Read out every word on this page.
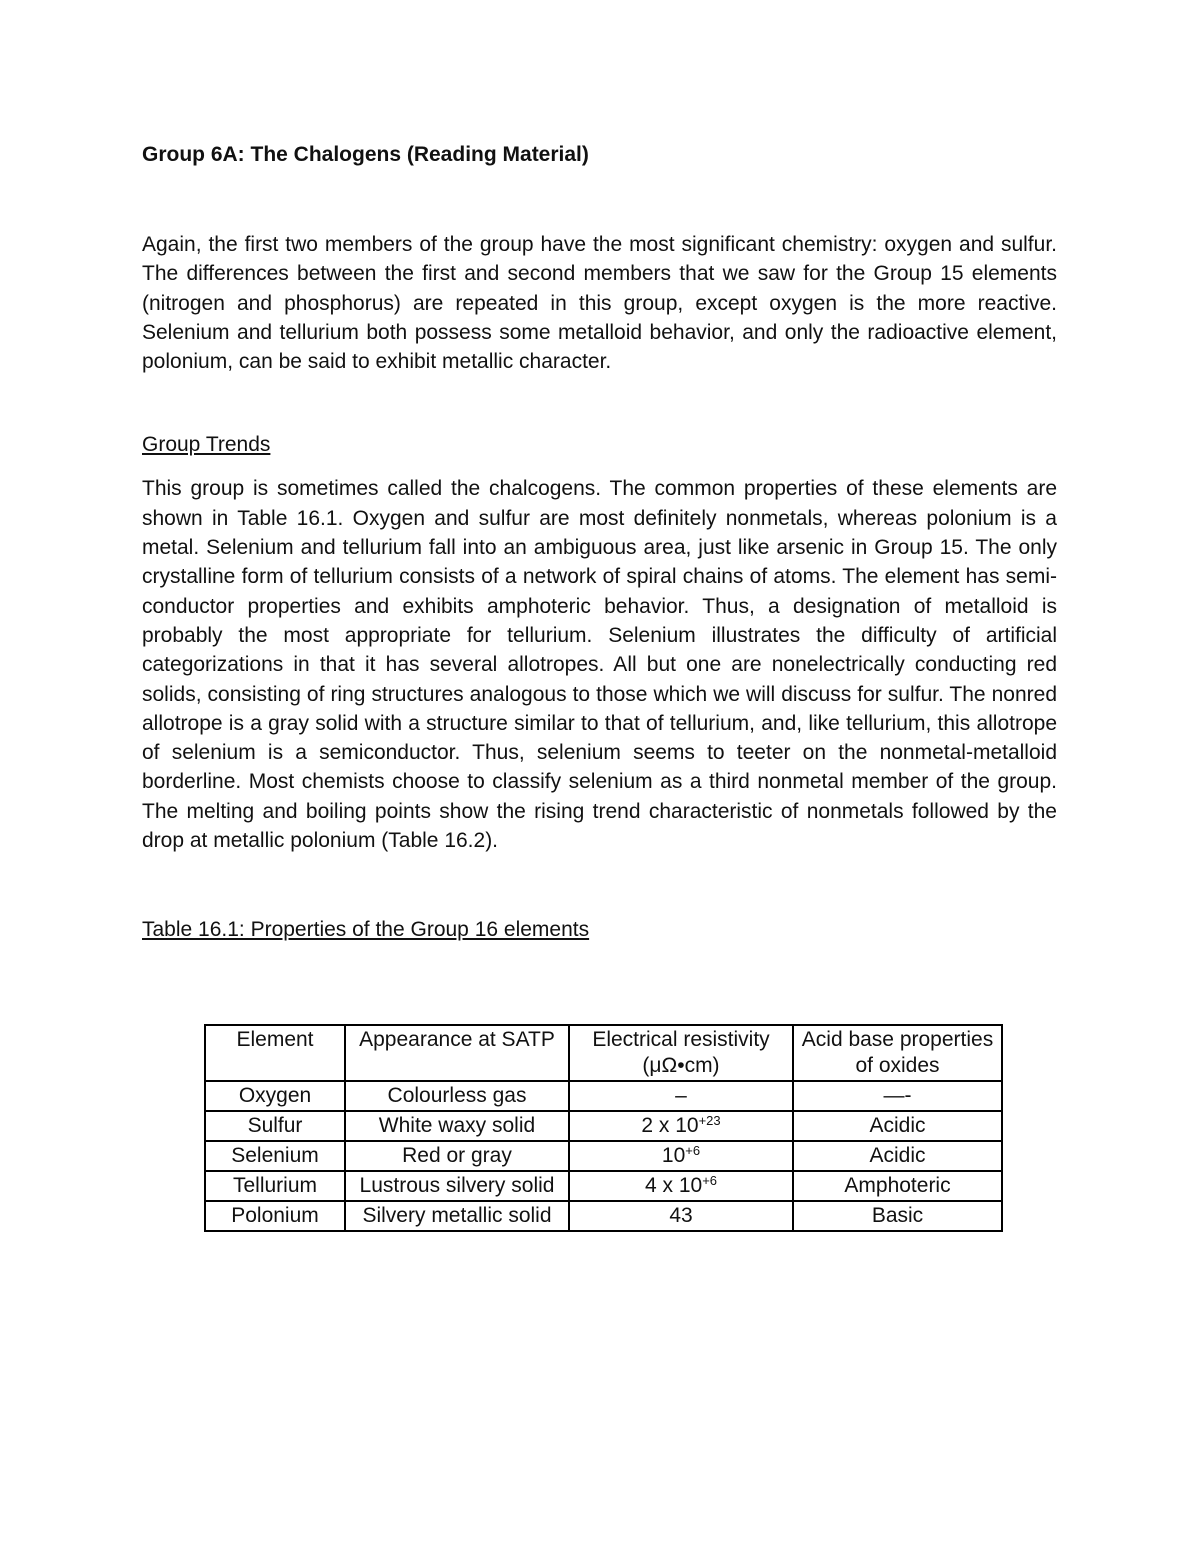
Group 6A: The Chalogens (Reading Material)

Again, the first two members of the group have the most significant chemistry: oxygen and sulfur. The differences between the first and second members that we saw for the Group 15 elements (nitrogen and phosphorus) are repeated in this group, except oxygen is the more reactive. Selenium and tellurium both possess some metalloid behavior, and only the radioactive element, polonium, can be said to exhibit metallic character.

Group Trends

This group is sometimes called the chalcogens. The common properties of these elements are shown in Table 16.1. Oxygen and sulfur are most definitely nonmetals, whereas polonium is a metal. Selenium and tellurium fall into an ambiguous area, just like arsenic in Group 15. The only crystalline form of tellurium consists of a network of spiral chains of atoms. The element has semi-conductor properties and exhibits amphoteric behavior. Thus, a designation of metalloid is probably the most appropriate for tellurium. Selenium illustrates the difficulty of artificial categorizations in that it has several allotropes. All but one are nonelectrically conducting red solids, consisting of ring structures analogous to those which we will discuss for sulfur. The nonred allotrope is a gray solid with a structure similar to that of tellurium, and, like tellurium, this allotrope of selenium is a semiconductor. Thus, selenium seems to teeter on the nonmetal-metalloid borderline. Most chemists choose to classify selenium as a third nonmetal member of the group. The melting and boiling points show the rising trend characteristic of nonmetals followed by the drop at metallic polonium (Table 16.2).

Table 16.1: Properties of the Group 16 elements

Element	Appearance at SATP	Electrical resistivity (μΩ•cm)	Acid base properties of oxides
Oxygen	Colourless gas	–	—-
Sulfur	White waxy solid	2 x $10^{+23}$	Acidic
Selenium	Red or gray	$10^{+6}$	Acidic
Tellurium	Lustrous silvery solid	4 x $10^{+6}$	Amphoteric
Polonium	Silvery metallic solid	43	Basic
